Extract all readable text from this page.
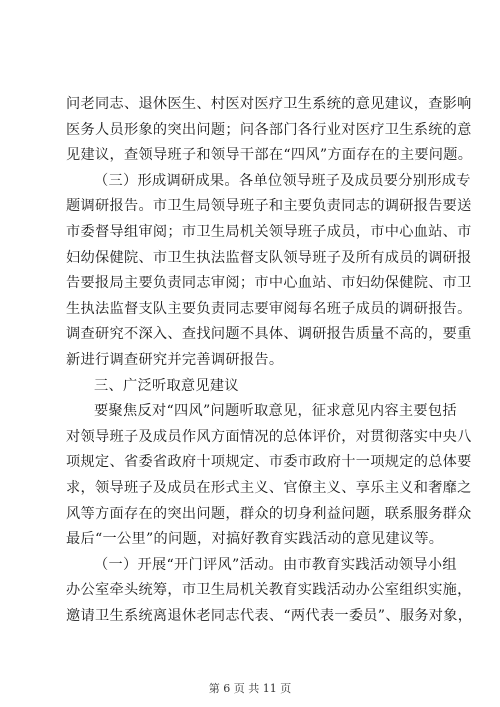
问老同志、退休医生、村医对医疗卫生系统的意见建议，查影响
医务人员形象的突出问题；问各部门各行业对医疗卫生系统的意
见建议，查领导班子和领导干部在“四风”方面存在的主要问题。
（三）形成调研成果。各单位领导班子及成员要分别形成专
题调研报告。市卫生局领导班子和主要负责同志的调研报告要送
市委督导组审阅；市卫生局机关领导班子成员，市中心血站、市
妇幼保健院、市卫生执法监督支队领导班子及所有成员的调研报
告要报局主要负责同志审阅；市中心血站、市妇幼保健院、市卫
生执法监督支队主要负责同志要审阅每名班子成员的调研报告。
调查研究不深入、查找问题不具体、调研报告质量不高的，要重
新进行调查研究并完善调研报告。
三、广泛听取意见建议
要聚焦反对“四风”问题听取意见，征求意见内容主要包括
对领导班子及成员作风方面情况的总体评价，对贯彻落实中央八
项规定、省委省政府十项规定、市委市政府十一项规定的总体要
求，领导班子及成员在形式主义、官僚主义、享乐主义和奢靡之
风等方面存在的突出问题，群众的切身利益问题，联系服务群众
最后“一公里”的问题，对搞好教育实践活动的意见建议等。
（一）开展“开门评风”活动。由市教育实践活动领导小组
办公室牵头统筹，市卫生局机关教育实践活动办公室组织实施，
邀请卫生系统离退休老同志代表、“两代表一委员”、服务对象，
第 6 页 共 11 页
